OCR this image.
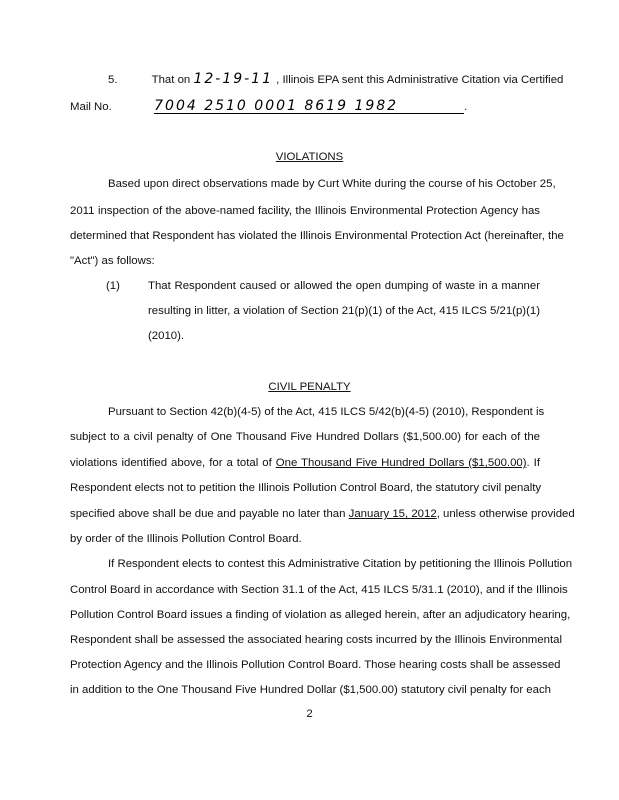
5.	That on 12-19-11 , Illinois EPA sent this Administrative Citation via Certified
Mail No.	7004 2510 0001 8619 1982	.
VIOLATIONS
Based upon direct observations made by Curt White during the course of his October 25,
2011 inspection of the above-named facility, the Illinois Environmental Protection Agency has
determined that Respondent has violated the Illinois Environmental Protection Act (hereinafter, the
"Act") as follows:
(1)	That Respondent caused or allowed the open dumping of waste in a manner
resulting in litter, a violation of Section 21(p)(1) of the Act, 415 ILCS 5/21(p)(1)
(2010).
CIVIL PENALTY
Pursuant to Section 42(b)(4-5) of the Act, 415 ILCS 5/42(b)(4-5) (2010), Respondent is
subject to a civil penalty of One Thousand Five Hundred Dollars ($1,500.00) for each of the
violations identified above, for a total of One Thousand Five Hundred Dollars ($1,500.00). If
Respondent elects not to petition the Illinois Pollution Control Board, the statutory civil penalty
specified above shall be due and payable no later than January 15, 2012, unless otherwise provided
by order of the Illinois Pollution Control Board.
If Respondent elects to contest this Administrative Citation by petitioning the Illinois Pollution
Control Board in accordance with Section 31.1 of the Act, 415 ILCS 5/31.1 (2010), and if the Illinois
Pollution Control Board issues a finding of violation as alleged herein, after an adjudicatory hearing,
Respondent shall be assessed the associated hearing costs incurred by the Illinois Environmental
Protection Agency and the Illinois Pollution Control Board. Those hearing costs shall be assessed
in addition to the One Thousand Five Hundred Dollar ($1,500.00) statutory civil penalty for each
2
